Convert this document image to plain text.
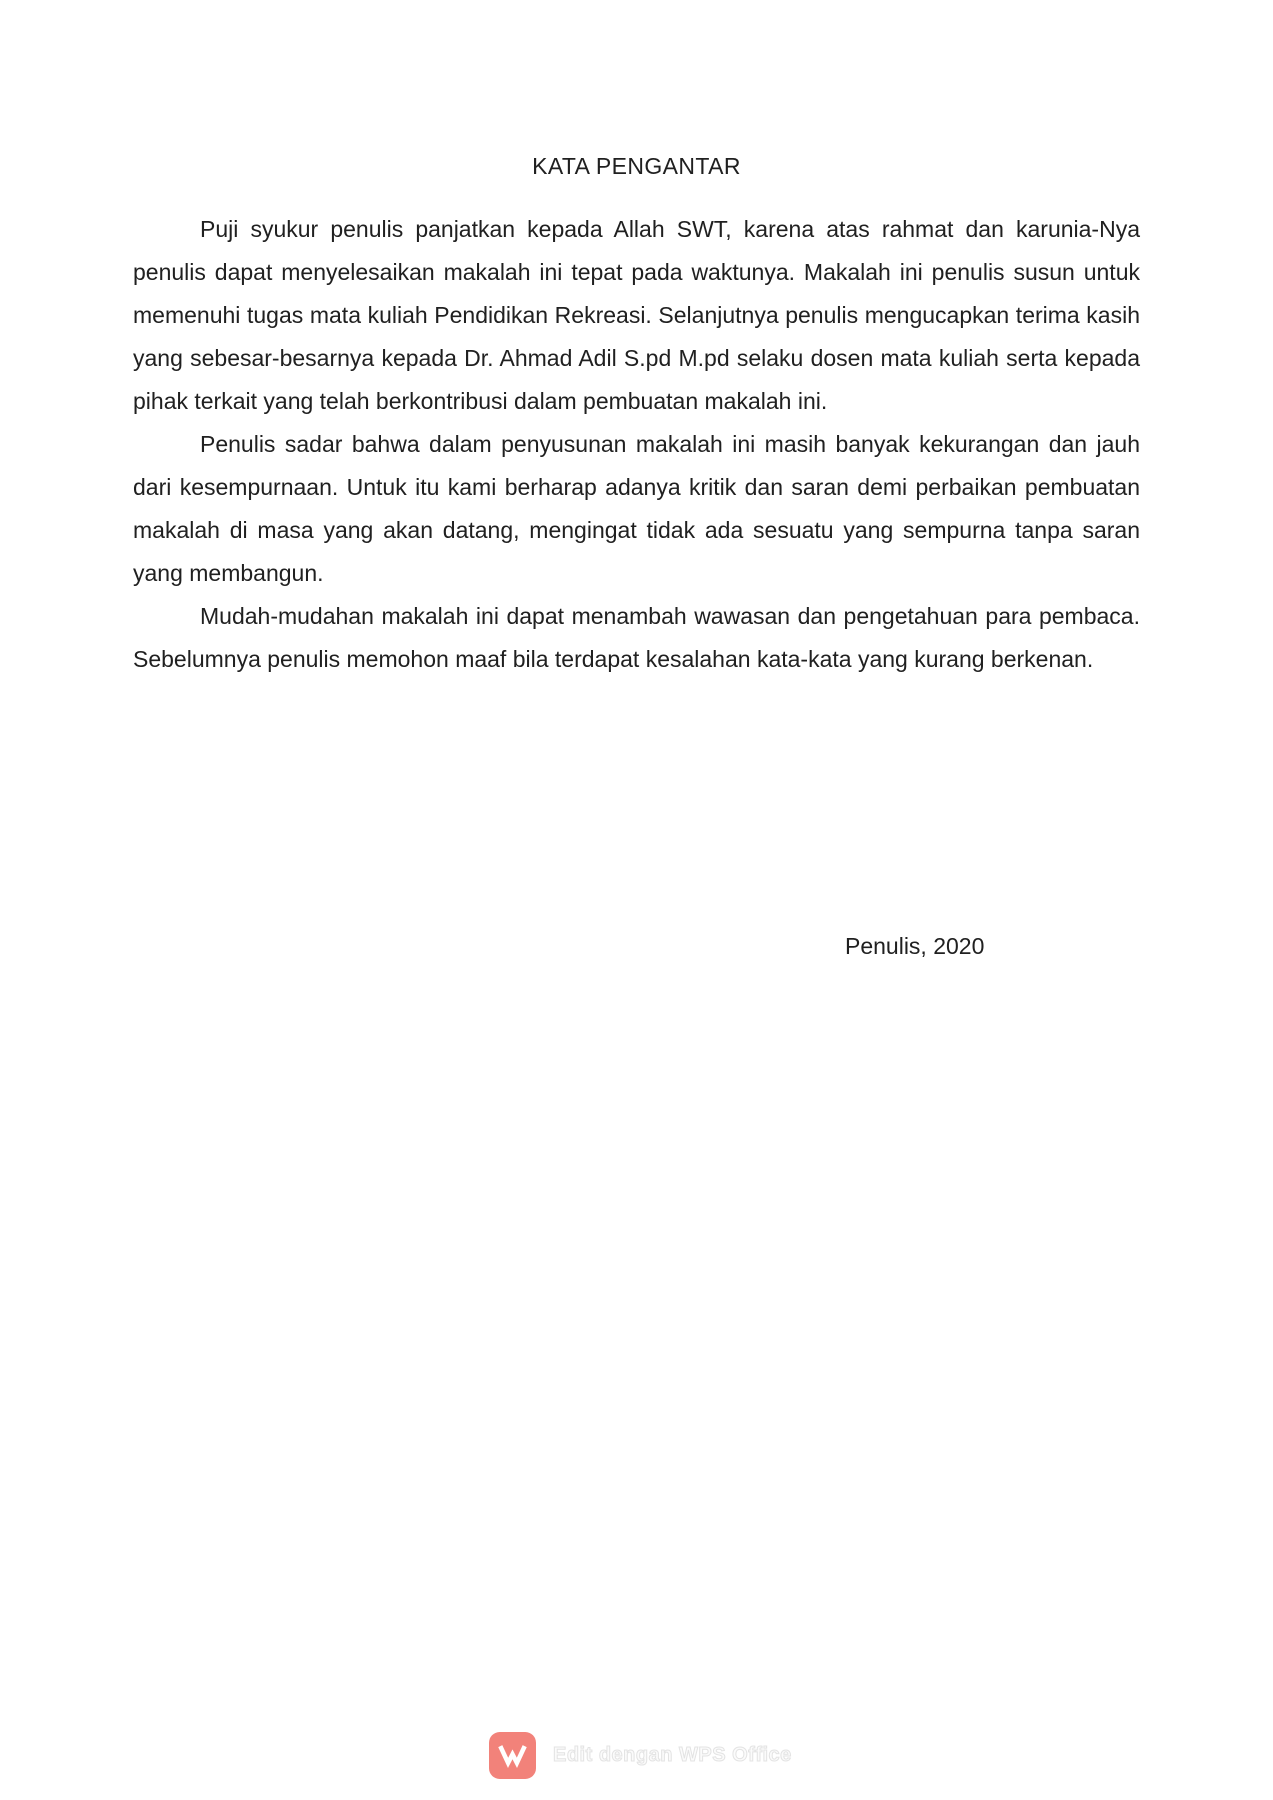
KATA PENGANTAR

Puji syukur penulis panjatkan kepada Allah SWT, karena atas rahmat dan karunia-Nya penulis dapat menyelesaikan makalah ini tepat pada waktunya. Makalah ini penulis susun untuk memenuhi tugas mata kuliah Pendidikan Rekreasi. Selanjutnya penulis mengucapkan terima kasih yang sebesar-besarnya kepada Dr. Ahmad Adil S.pd M.pd selaku dosen mata kuliah serta kepada pihak terkait yang telah berkontribusi dalam pembuatan makalah ini.

Penulis sadar bahwa dalam penyusunan makalah ini masih banyak kekurangan dan jauh dari kesempurnaan. Untuk itu kami berharap adanya kritik dan saran demi perbaikan pembuatan makalah di masa yang akan datang, mengingat tidak ada sesuatu yang sempurna tanpa saran yang membangun.

Mudah-mudahan makalah ini dapat menambah wawasan dan pengetahuan para pembaca. Sebelumnya penulis memohon maaf bila terdapat kesalahan kata-kata yang kurang berkenan.

Penulis, 2020
Edit dengan WPS Office
